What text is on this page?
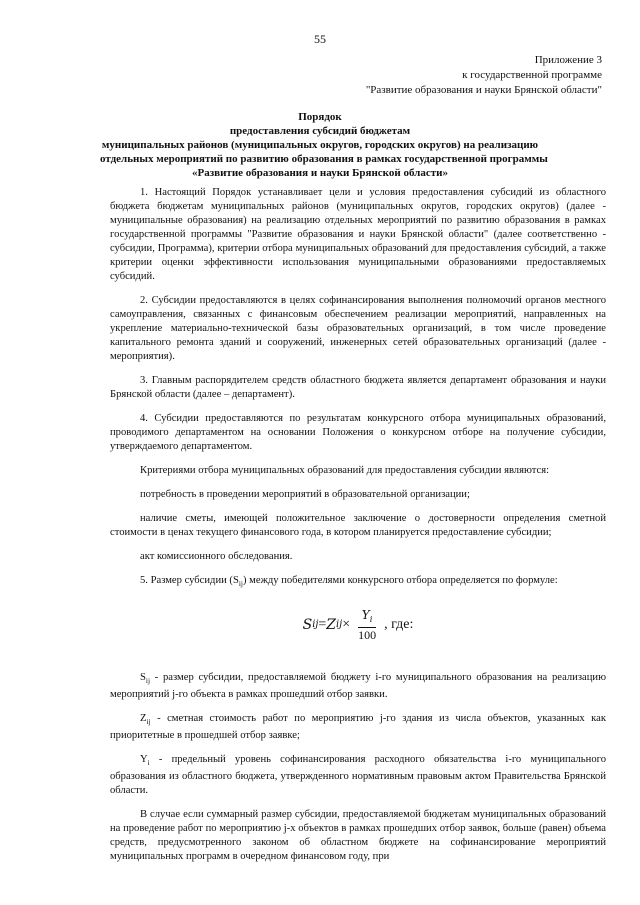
55
Приложение 3
к государственной программе
"Развитие образования и науки Брянской области"
Порядок
предоставления субсидий бюджетам
муниципальных районов (муниципальных округов, городских округов) на реализацию
отдельных мероприятий по развитию образования в рамках государственной программы
«Развитие образования и науки Брянской области»

1. Настоящий Порядок устанавливает цели и условия предоставления субсидий из областного бюджета бюджетам муниципальных районов (муниципальных округов, городских округов) (далее - муниципальные образования) на реализацию отдельных мероприятий по развитию образования в рамках государственной программы "Развитие образования и науки Брянской области" (далее соответственно - субсидии, Программа), критерии отбора муниципальных образований для предоставления субсидий, а также критерии оценки эффективности использования муниципальными образованиями предоставляемых субсидий.

2. Субсидии предоставляются в целях софинансирования выполнения полномочий органов местного самоуправления, связанных с финансовым обеспечением реализации мероприятий, направленных на укрепление материально-технической базы образовательных организаций, в том числе проведение капитального ремонта зданий и сооружений, инженерных сетей образовательных организаций (далее - мероприятия).

3. Главным распорядителем средств областного бюджета является департамент образования и науки Брянской области (далее – департамент).

4. Субсидии предоставляются по результатам конкурсного отбора муниципальных образований, проводимого департаментом на основании Положения о конкурсном отборе на получение субсидии, утверждаемого департаментом.

Критериями отбора муниципальных образований для предоставления субсидии являются:

потребность в проведении мероприятий в образовательной организации;

наличие сметы, имеющей положительное заключение о достоверности определения сметной стоимости в ценах текущего финансового года, в котором планируется предоставление субсидии;

акт комиссионного обследования.

5. Размер субсидии $(S_{ij})$ между победителями конкурсного отбора определяется по формуле:

S ij = Z ij × $\frac{Y_i}{100}$ , где:

$S_{ij}$ - размер субсидии, предоставляемой бюджету i-го муниципального образования на реализацию мероприятий j-го объекта в рамках прошедший отбор заявки.

$Z_{ij}$ - сметная стоимость работ по мероприятию j-го здания из числа объектов, указанных как приоритетные в прошедшей отбор заявке;

$Y_i$ - предельный уровень софинансирования расходного обязательства i-го муниципального образования из областного бюджета, утвержденного нормативным правовым актом Правительства Брянской области.

В случае если суммарный размер субсидии, предоставляемой бюджетам муниципальных образований на проведение работ по мероприятию j-х объектов в рамках прошедших отбор заявок, больше (равен) объема средств, предусмотренного законом об областном бюджете на софинансирование мероприятий муниципальных программ в очередном финансовом году, при
